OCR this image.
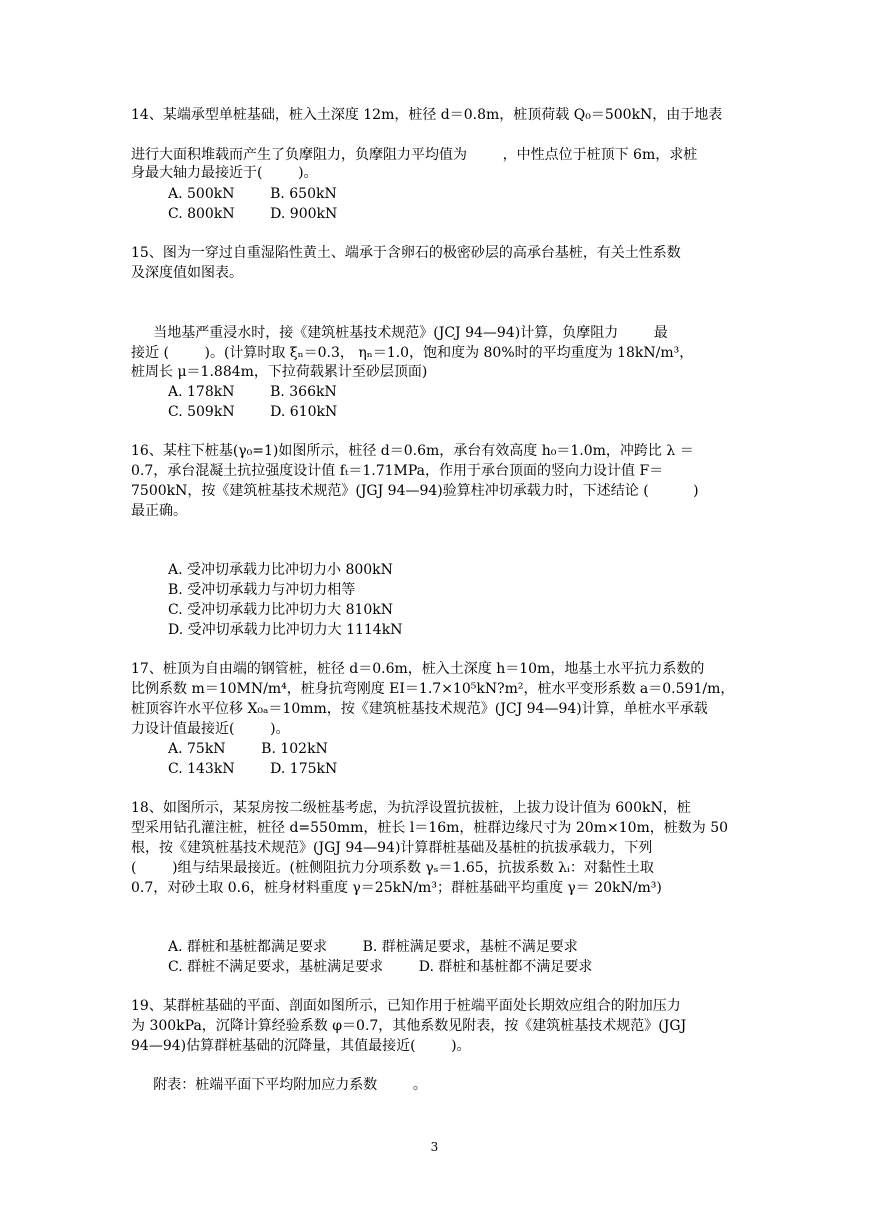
14、某端承型单桩基础，桩入土深度 12m，桩径 d＝0.8m，桩顶荷载 Q₀＝500kN，由于地表
进行大面积堆载而产生了负摩阻力，负摩阻力平均值为        ，中性点位于桩顶下 6m，求桩
身最大轴力最接近于(        )。
A. 500kN        B. 650kN
C. 800kN        D. 900kN
15、图为一穿过自重湿陷性黄土、端承于含卵石的极密砂层的高承台基桩，有关土性系数
及深度值如图表。
当地基严重浸水时，接《建筑桩基技术规范》(JCJ 94—94)计算，负摩阻力        最
接近 (        )。(计算时取 ξₙ＝0.3， ηₙ＝1.0，饱和度为 80%时的平均重度为 18kN/m³，
桩周长 μ＝1.884m，下拉荷载累计至砂层顶面)
A. 178kN        B. 366kN
C. 509kN        D. 610kN
16、某柱下桩基(γ₀=1)如图所示，桩径 d＝0.6m，承台有效高度 h₀＝1.0m，冲跨比 λ ＝
0.7，承台混凝土抗拉强度设计值 fₜ＝1.71MPa，作用于承台顶面的竖向力设计值 F＝
7500kN，按《建筑桩基技术规范》(JGJ 94—94)验算柱冲切承载力时，下述结论 (          )
最正确。
A. 受冲切承载力比冲切力小 800kN
B. 受冲切承载力与冲切力相等
C. 受冲切承载力比冲切力大 810kN
D. 受冲切承载力比冲切力大 1114kN
17、桩顶为自由端的钢管桩，桩径 d＝0.6m，桩入土深度 h＝10m，地基土水平抗力系数的
比例系数 m＝10MN/m⁴，桩身抗弯刚度 EI＝1.7×10⁵kN?m²，桩水平变形系数 a＝0.591/m，
桩顶容许水平位移 X₀ₐ＝10mm，按《建筑桩基技术规范》(JCJ 94—94)计算，单桩水平承载
力设计值最接近(        )。
A. 75kN        B. 102kN
C. 143kN        D. 175kN
18、如图所示，某泵房按二级桩基考虑，为抗浮设置抗拔桩，上拔力设计值为 600kN，桩
型采用钻孔灌注桩，桩径 d=550mm，桩长 l＝16m，桩群边缘尺寸为 20m×10m，桩数为 50
根，按《建筑桩基技术规范》(JGJ 94—94)计算群桩基础及基桩的抗拔承载力，下列
(        )组与结果最接近。(桩侧阻抗力分项系数 γₛ＝1.65，抗拔系数 λᵢ：对黏性土取
0.7，对砂土取 0.6，桩身材料重度 γ＝25kN/m³；群桩基础平均重度 γ＝ 20kN/m³)
A. 群桩和基桩都满足要求        B. 群桩满足要求，基桩不满足要求
C. 群桩不满足要求，基桩满足要求        D. 群桩和基桩都不满足要求
19、某群桩基础的平面、剖面如图所示，已知作用于桩端平面处长期效应组合的附加压力
为 300kPa，沉降计算经验系数 φ＝0.7，其他系数见附表，按《建筑桩基技术规范》(JGJ
94—94)估算群桩基础的沉降量，其值最接近(        )。
附表：桩端平面下平均附加应力系数        。
3
